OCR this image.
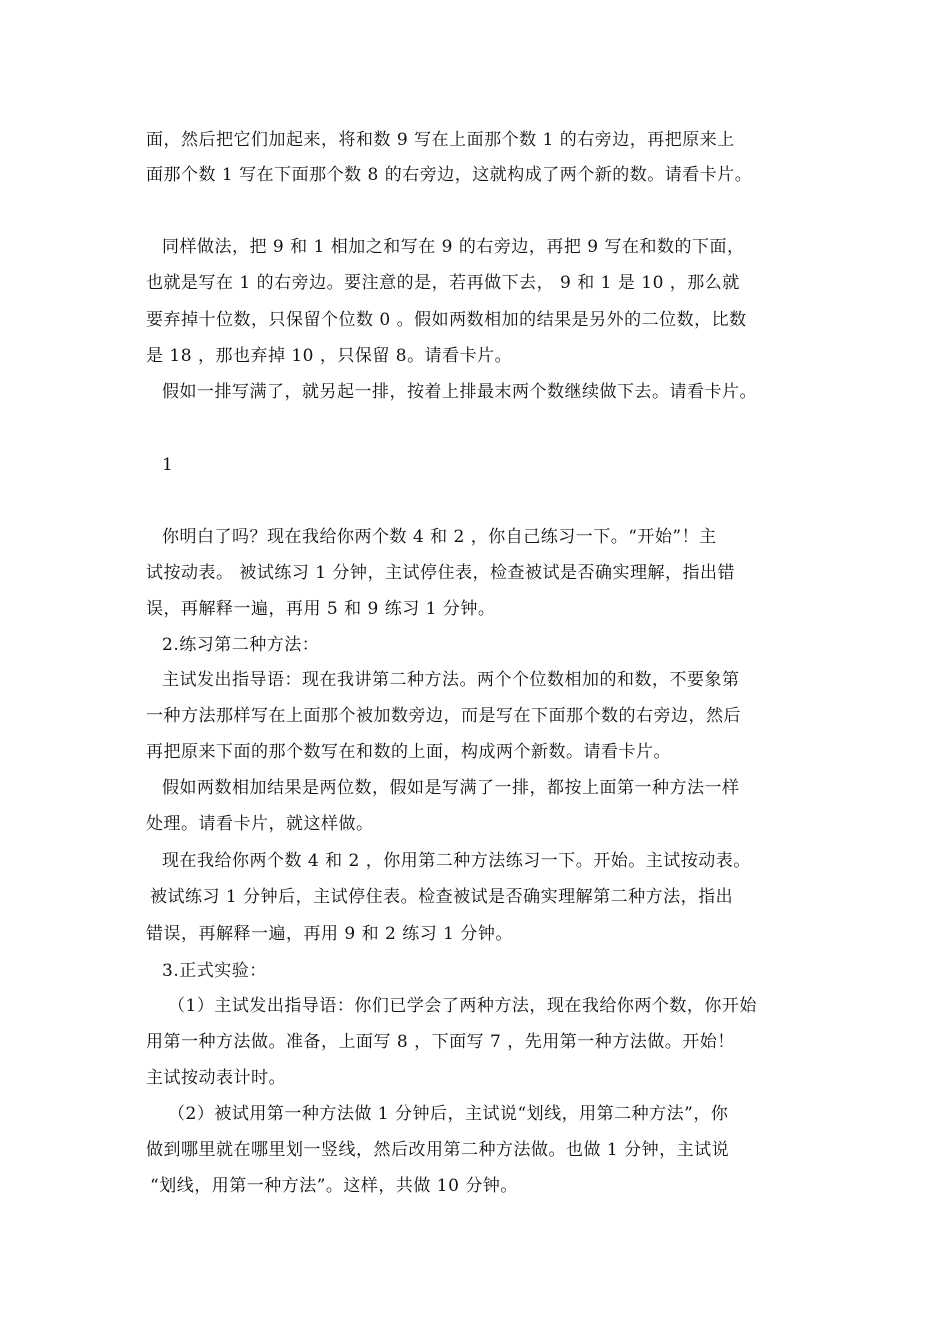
面，然后把它们加起来，将和数 9 写在上面那个数 1 的右旁边，再把原来上
面那个数 1 写在下面那个数 8 的右旁边，这就构成了两个新的数。请看卡片。
同样做法，把 9 和 1 相加之和写在 9 的右旁边，再把 9 写在和数的下面，
也就是写在 1 的右旁边。要注意的是，若再做下去， 9 和 1 是 10 ，那么就
要弃掉十位数，只保留个位数 0 。假如两数相加的结果是另外的二位数，比数
是 18 ，那也弃掉 10 ，只保留 8。请看卡片。
假如一排写满了，就另起一排，按着上排最末两个数继续做下去。请看卡片。
1
你明白了吗？现在我给你两个数 4 和 2 ，你自己练习一下。“开始”！主
试按动表。 被试练习 1 分钟，主试停住表，检查被试是否确实理解，指出错
误，再解释一遍，再用 5 和 9 练习 1 分钟。
2.练习第二种方法：
主试发出指导语：现在我讲第二种方法。两个个位数相加的和数，不要象第
一种方法那样写在上面那个被加数旁边，而是写在下面那个数的右旁边，然后
再把原来下面的那个数写在和数的上面，构成两个新数。请看卡片。
假如两数相加结果是两位数，假如是写满了一排，都按上面第一种方法一样
处理。请看卡片，就这样做。
现在我给你两个数 4 和 2 ，你用第二种方法练习一下。开始。主试按动表。
被试练习 1 分钟后，主试停住表。检查被试是否确实理解第二种方法，指出
错误，再解释一遍，再用 9 和 2 练习 1 分钟。
3.正式实验：
（1）主试发出指导语：你们已学会了两种方法，现在我给你两个数，你开始
用第一种方法做。准备，上面写 8 ，下面写 7 ，先用第一种方法做。开始！
主试按动表计时。
（2）被试用第一种方法做 1 分钟后，主试说“划线，用第二种方法”，你
做到哪里就在哪里划一竖线，然后改用第二种方法做。也做 1 分钟，主试说
“划线，用第一种方法”。这样，共做 10 分钟。
